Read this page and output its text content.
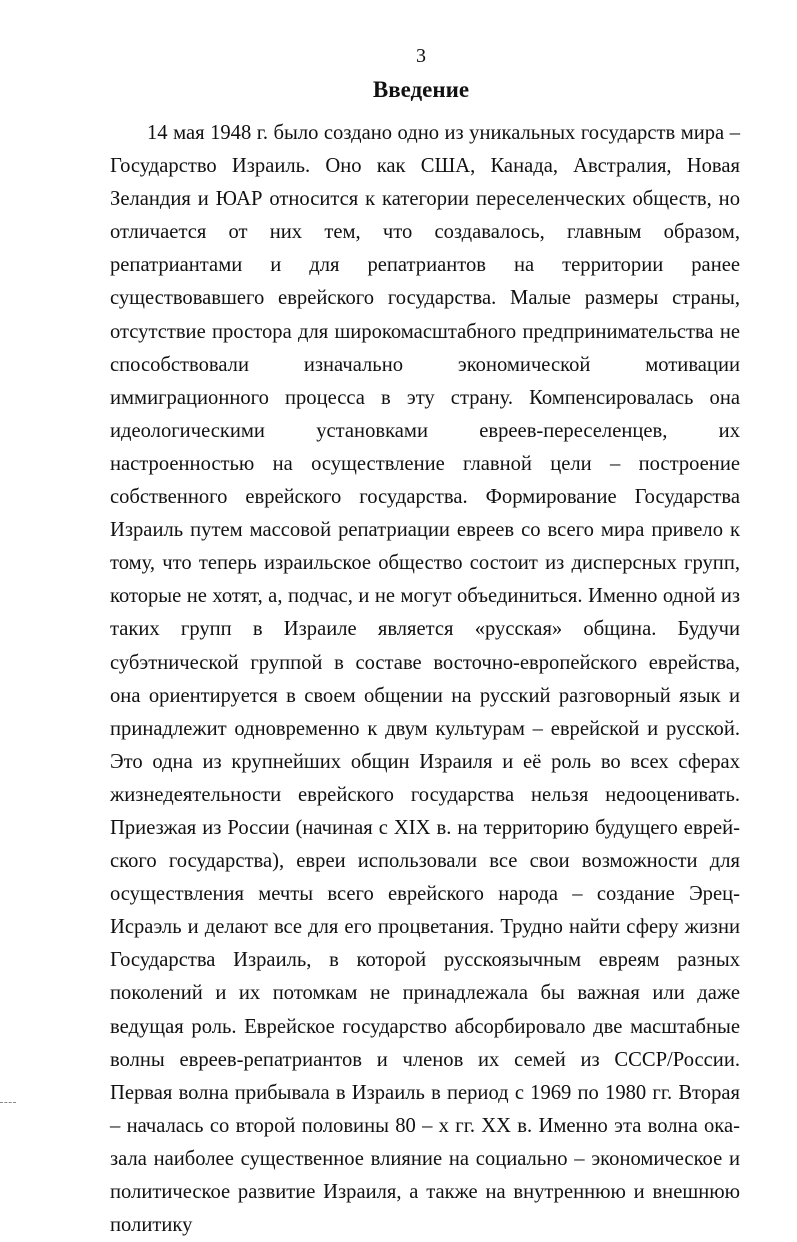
3
Введение

14 мая 1948 г. было создано одно из уникальных государств мира – Государство Израиль. Оно как США, Канада, Австралия, Новая Зеландия и ЮАР относится к категории переселенческих обществ, но отличается от них тем, что создавалось, главным образом, репатриантами и для репатриантов на территории ранее существовавшего еврейского государства. Малые размеры страны, отсутствие простора для широкомасштабного предпринимательства не способствовали изначально экономической мотивации иммиграционного процесса в эту страну. Компенсировалась она идеологическими установками евреев-переселенцев, их настроенностью на осуществление главной цели – построение собственного еврейского государства. Формирование Государства Израиль путем массовой репатриации евреев со всего мира привело к тому, что теперь израильское общество состоит из дисперсных групп, которые не хотят, а, подчас, и не могут объединиться. Именно одной из таких групп в Израиле является «русская» община. Будучи субэтнической группой в составе восточно-европейского еврейства, она ориентируется в своем общении на русский разговорный язык и принадлежит одновременно к двум культурам – еврейской и русской. Это одна из крупнейших общин Израиля и её роль во всех сферах жизнедеятельности еврейского государства нельзя недооценивать. Приезжая из России (начиная с XIX в. на территорию будущего еврейского государства), евреи использовали все свои возможности для осуществления мечты всего еврейского народа – создание Эрец-Исраэль и делают все для его процветания. Трудно найти сферу жизни Государства Израиль, в которой русскоязычным евреям разных поколений и их потомкам не принадлежала бы важная или даже ведущая роль. Еврейское государство абсорбировало две масштабные волны евреев-репатриантов и членов их семей из СССР/России. Первая волна прибывала в Израиль в период с 1969 по 1980 гг. Вторая – началась со второй половины 80 – х гг. XX в. Именно эта волна оказала наиболее существенное влияние на социально – экономическое и политическое развитие Израиля, а также на внутреннюю и внешнюю политику
